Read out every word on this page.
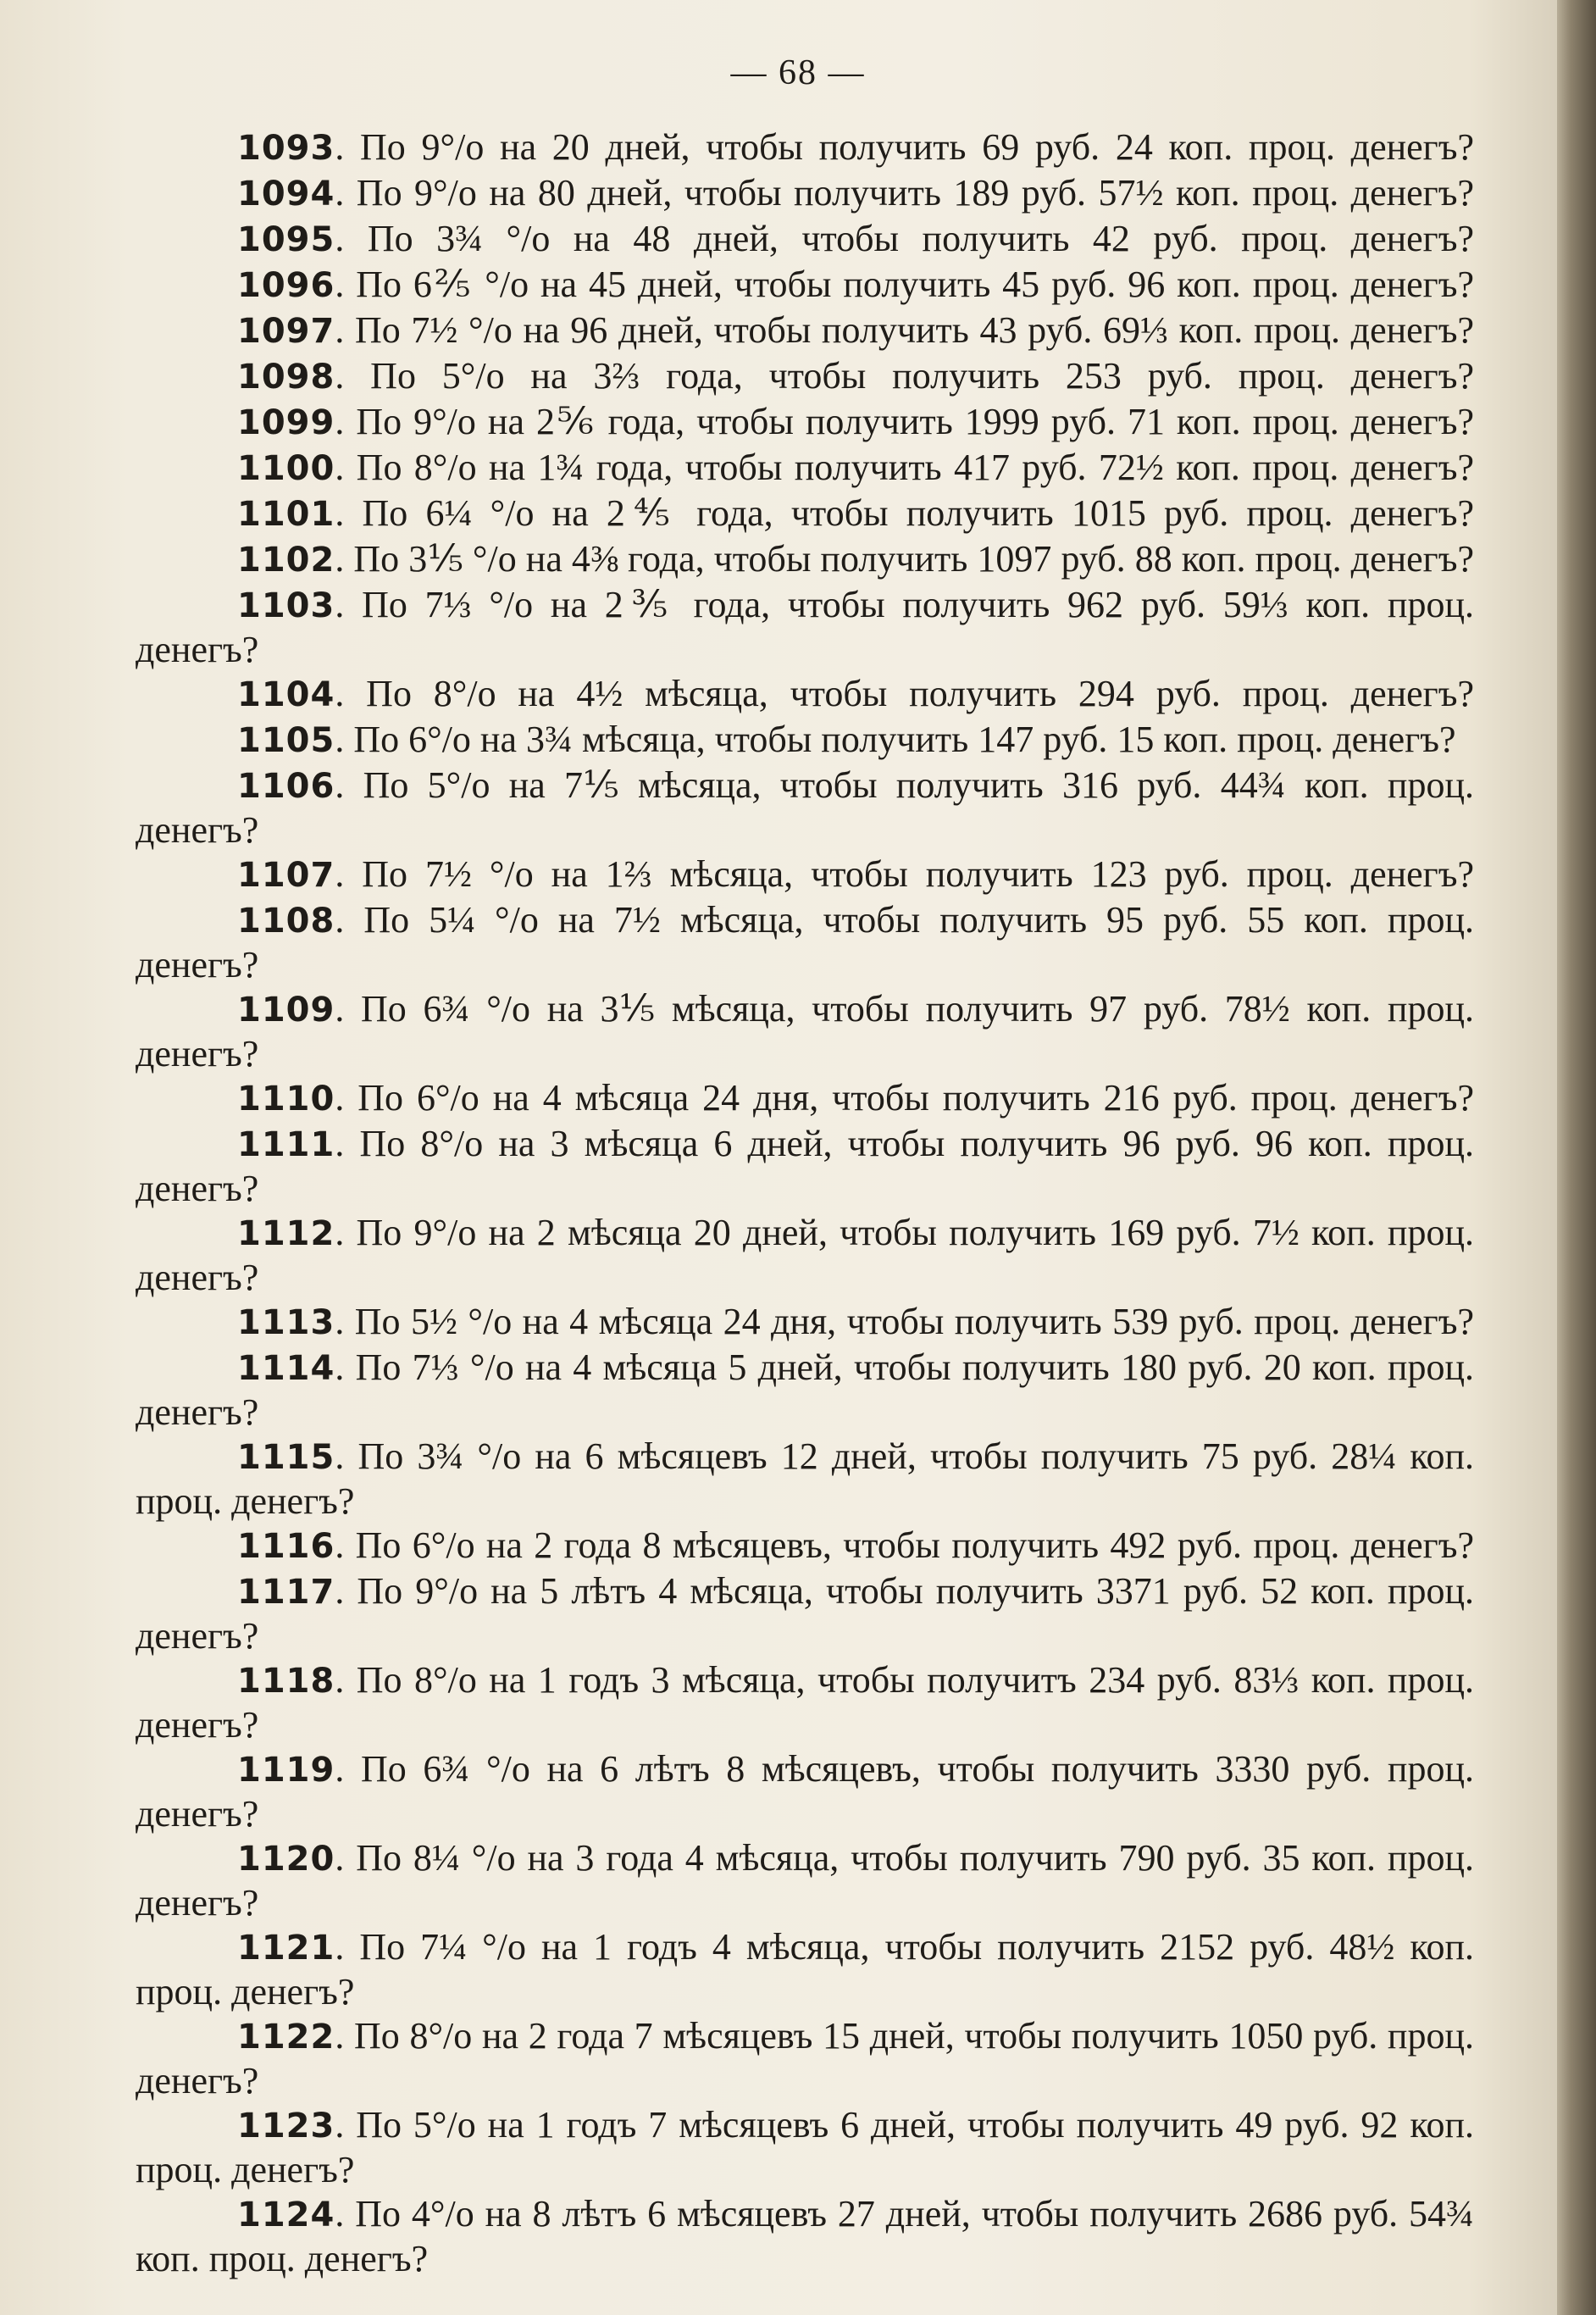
— 68 —

1093. По 9°/о на 20 дней, чтобы получить 69 руб. 24 коп. проц. денегъ?

1094. По 9°/о на 80 дней, чтобы получить 189 руб. 57½ коп. проц. денегъ?

1095. По 3¾ °/о на 48 дней, чтобы получить 42 руб. проц. денегъ?

1096. По 6⅖ °/о на 45 дней, чтобы получить 45 руб. 96 коп. проц. денегъ?

1097. По 7½ °/о на 96 дней, чтобы получить 43 руб. 69⅓ коп. проц. денегъ?

1098. По 5°/о на 3⅔ года, чтобы получить 253 руб. проц. денегъ?

1099. По 9°/о на 2⅚ года, чтобы получить 1999 руб. 71 коп. проц. денегъ?

1100. По 8°/о на 1¾ года, чтобы получить 417 руб. 72½ коп. проц. денегъ?

1101. По 6¼ °/о на 2⅘ года, чтобы получить 1015 руб. проц. денегъ?

1102. По 3⅕ °/о на 4⅜ года, чтобы получить 1097 руб. 88 коп. проц. денегъ?

1103. По 7⅓ °/о на 2⅗ года, чтобы получить 962 руб. 59⅓ коп. проц. денегъ?

1104. По 8°/о на 4½ мѣсяца, чтобы получить 294 руб. проц. денегъ?

1105. По 6°/о на 3¾ мѣсяца, чтобы получить 147 руб. 15 коп. проц. денегъ?

1106. По 5°/о на 7⅕ мѣсяца, чтобы получить 316 руб. 44¾ коп. проц. денегъ?

1107. По 7½ °/о на 1⅔ мѣсяца, чтобы получить 123 руб. проц. денегъ?

1108. По 5¼ °/о на 7½ мѣсяца, чтобы получить 95 руб. 55 коп. проц. денегъ?

1109. По 6¾ °/о на 3⅕ мѣсяца, чтобы получить 97 руб. 78½ коп. проц. денегъ?

1110. По 6°/о на 4 мѣсяца 24 дня, чтобы получить 216 руб. проц. денегъ?

1111. По 8°/о на 3 мѣсяца 6 дней, чтобы получить 96 руб. 96 коп. проц. денегъ?

1112. По 9°/о на 2 мѣсяца 20 дней, чтобы получить 169 руб. 7½ коп. проц. денегъ?

1113. По 5½ °/о на 4 мѣсяца 24 дня, чтобы получить 539 руб. проц. денегъ?

1114. По 7⅓ °/о на 4 мѣсяца 5 дней, чтобы получить 180 руб. 20 коп. проц. денегъ?

1115. По 3¾ °/о на 6 мѣсяцевъ 12 дней, чтобы получить 75 руб. 28¼ коп. проц. денегъ?

1116. По 6°/о на 2 года 8 мѣсяцевъ, чтобы получить 492 руб. проц. денегъ?

1117. По 9°/о на 5 лѣтъ 4 мѣсяца, чтобы получить 3371 руб. 52 коп. проц. денегъ?

1118. По 8°/о на 1 годъ 3 мѣсяца, чтобы получитъ 234 руб. 83⅓ коп. проц. денегъ?

1119. По 6¾ °/о на 6 лѣтъ 8 мѣсяцевъ, чтобы получить 3330 руб. проц. денегъ?

1120. По 8¼ °/о на 3 года 4 мѣсяца, чтобы получить 790 руб. 35 коп. проц. денегъ?

1121. По 7¼ °/о на 1 годъ 4 мѣсяца, чтобы получить 2152 руб. 48½ коп. проц. денегъ?

1122. По 8°/о на 2 года 7 мѣсяцевъ 15 дней, чтобы получить 1050 руб. проц. денегъ?

1123. По 5°/о на 1 годъ 7 мѣсяцевъ 6 дней, чтобы получить 49 руб. 92 коп. проц. денегъ?

1124. По 4°/о на 8 лѣтъ 6 мѣсяцевъ 27 дней, чтобы получить 2686 руб. 54¾ коп. проц. денегъ?
